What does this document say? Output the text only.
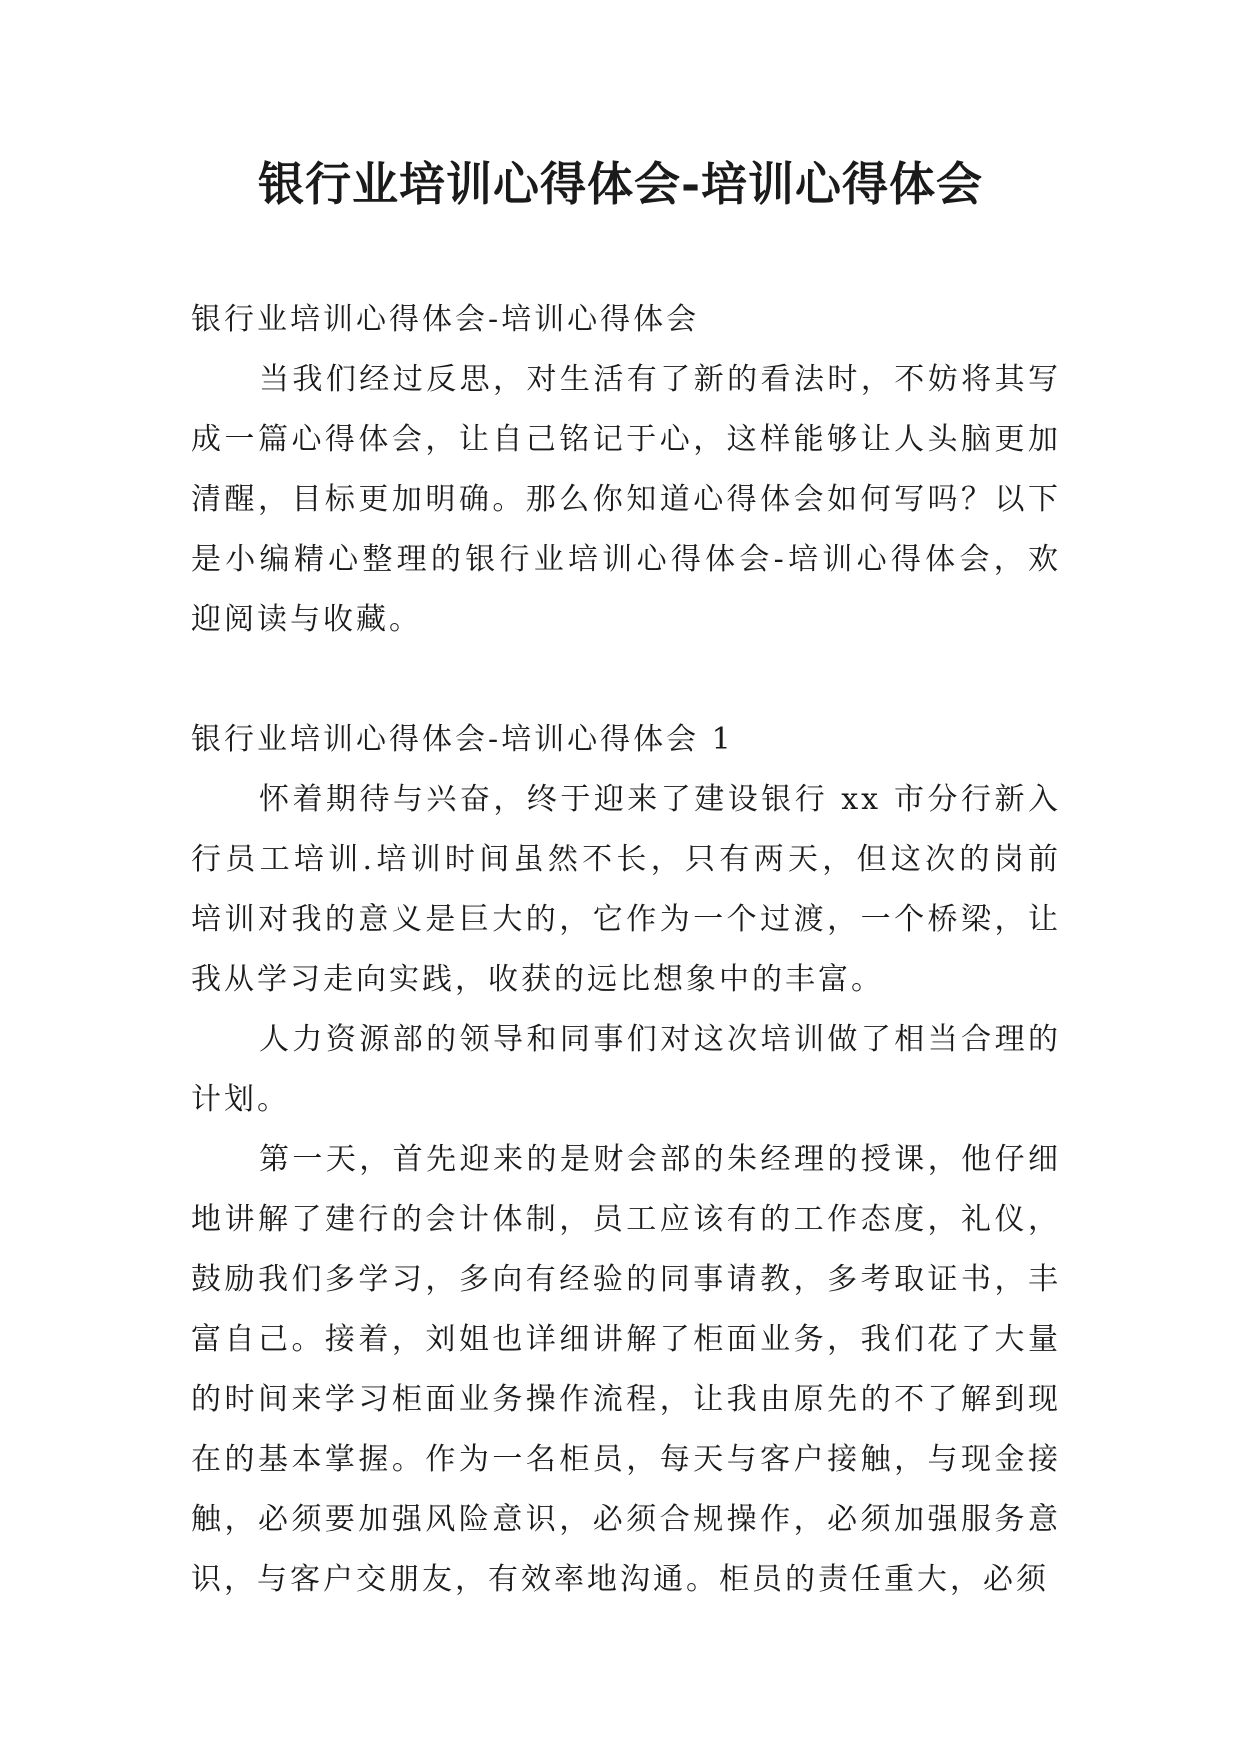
银行业培训心得体会-培训心得体会

银行业培训心得体会-培训心得体会

当我们经过反思，对生活有了新的看法时，不妨将其写成一篇心得体会，让自己铭记于心，这样能够让人头脑更加清醒，目标更加明确。那么你知道心得体会如何写吗？以下是小编精心整理的银行业培训心得体会-培训心得体会，欢迎阅读与收藏。

银行业培训心得体会-培训心得体会 1

怀着期待与兴奋，终于迎来了建设银行 xx 市分行新入行员工培训.培训时间虽然不长，只有两天，但这次的岗前培训对我的意义是巨大的，它作为一个过渡，一个桥梁，让我从学习走向实践，收获的远比想象中的丰富。

人力资源部的领导和同事们对这次培训做了相当合理的计划。

第一天，首先迎来的是财会部的朱经理的授课，他仔细地讲解了建行的会计体制，员工应该有的工作态度，礼仪，鼓励我们多学习，多向有经验的同事请教，多考取证书，丰富自己。接着，刘姐也详细讲解了柜面业务，我们花了大量的时间来学习柜面业务操作流程，让我由原先的不了解到现在的基本掌握。作为一名柜员，每天与客户接触，与现金接触，必须要加强风险意识，必须合规操作，必须加强服务意识，与客户交朋友，有效率地沟通。柜员的责任重大，必须
